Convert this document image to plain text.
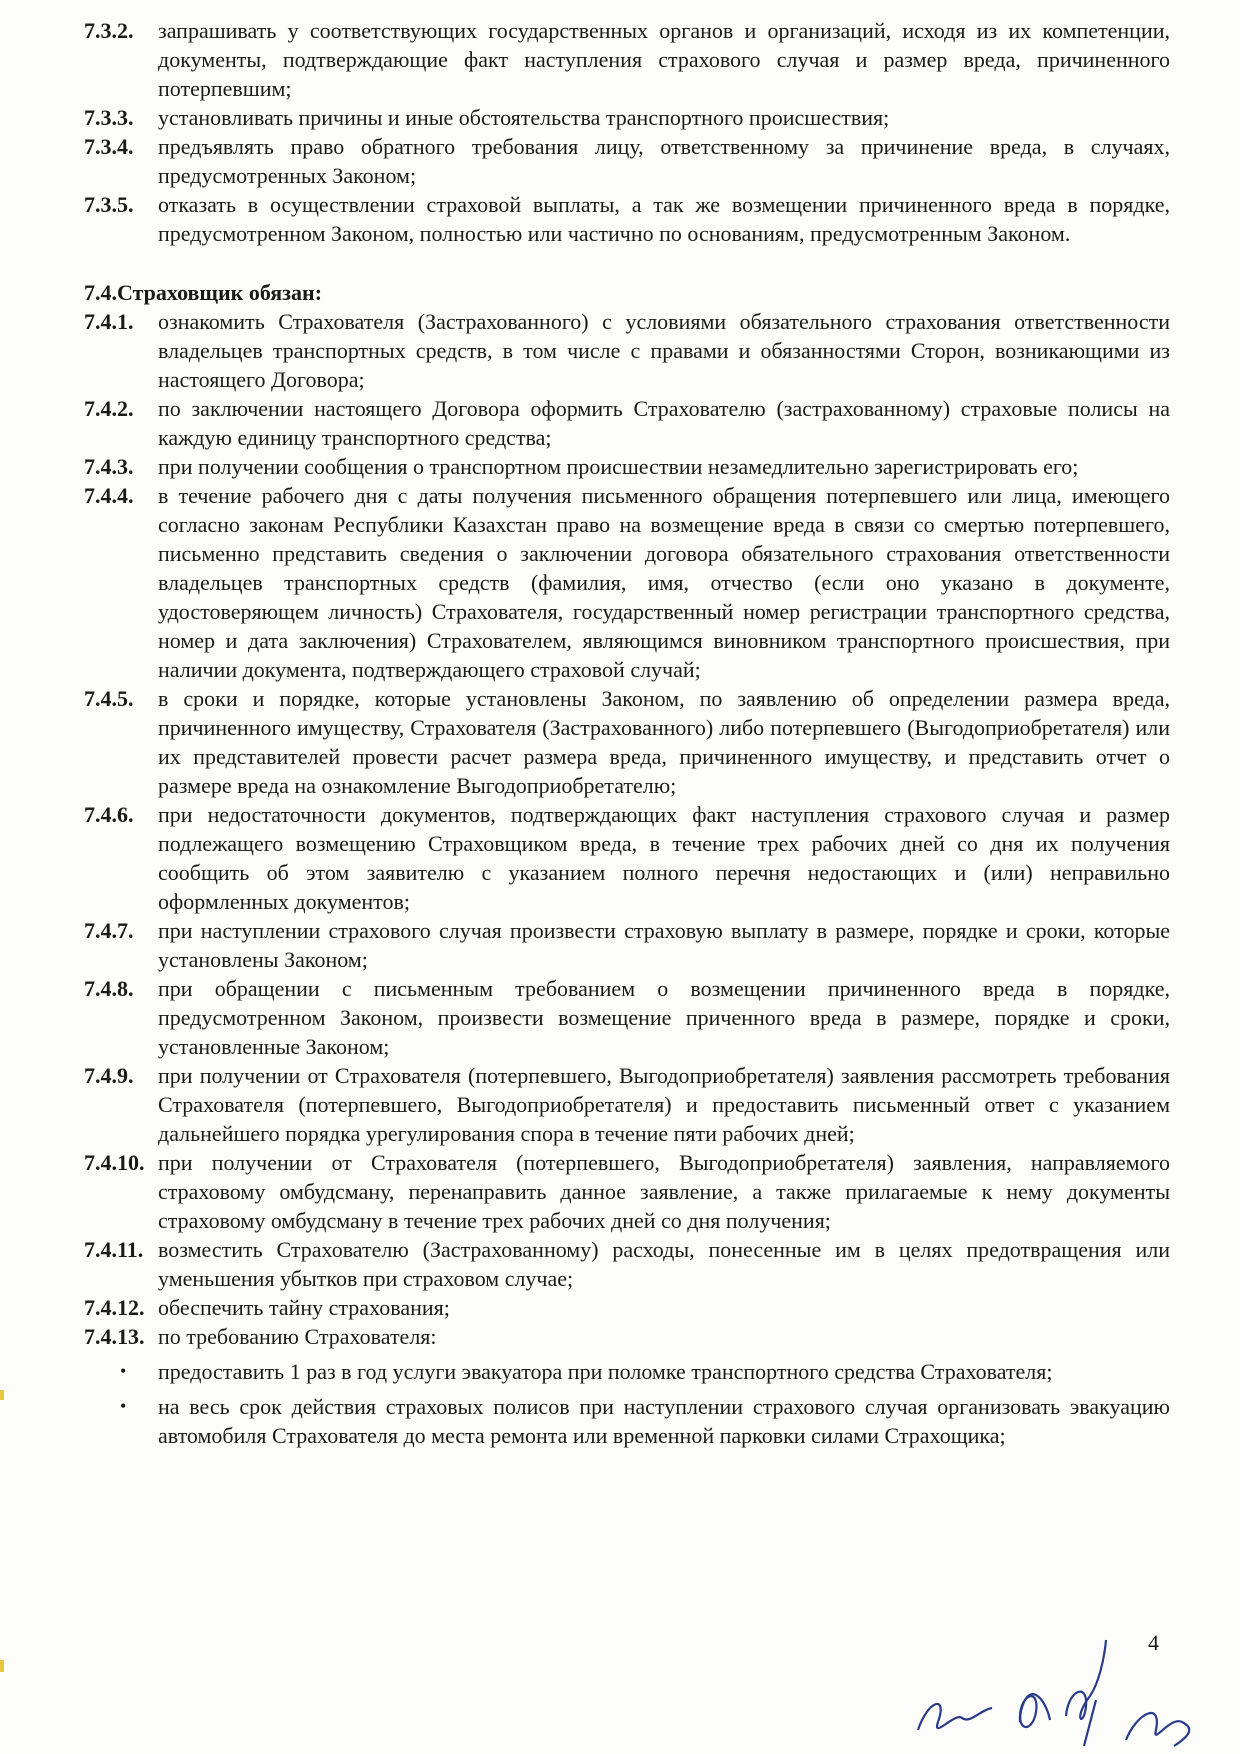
7.3.2.	запрашивать у соответствующих государственных органов и организаций, исходя из их компетенции, документы, подтверждающие факт наступления страхового случая и размер вреда, причиненного потерпевшим;
7.3.3.	установливать причины и иные обстоятельства транспортного происшествия;
7.3.4.	предъявлять право обратного требования лицу, ответственному за причинение вреда, в случаях, предусмотренных Законом;
7.3.5.	отказать в осуществлении страховой выплаты, а так же возмещении причиненного вреда в порядке, предусмотренном Законом, полностью или частично по основаниям, предусмотренным Законом.
7.4.Страховщик обязан:
7.4.1.	ознакомить Страхователя (Застрахованного) с условиями обязательного страхования ответственности владельцев транспортных средств, в том числе с правами и обязанностями Сторон, возникающими из настоящего Договора;
7.4.2.	по заключении настоящего Договора оформить Страхователю (застрахованному) страховые полисы на каждую единицу транспортного средства;
7.4.3.	при получении сообщения о транспортном происшествии незамедлительно зарегистрировать его;
7.4.4.	в течение рабочего дня с даты получения письменного обращения потерпевшего или лица, имеющего согласно законам Республики Казахстан право на возмещение вреда в связи со смертью потерпевшего, письменно представить сведения о заключении договора обязательного страхования ответственности владельцев транспортных средств (фамилия, имя, отчество (если оно указано в документе, удостоверяющем личность) Страхователя, государственный номер регистрации транспортного средства, номер и дата заключения) Страхователем, являющимся виновником транспортного происшествия, при наличии документа, подтверждающего страховой случай;
7.4.5.	в сроки и порядке, которые установлены Законом, по заявлению об определении размера вреда, причиненного имуществу, Страхователя (Застрахованного) либо потерпевшего (Выгодоприобретателя) или их представителей провести расчет размера вреда, причиненного имуществу, и представить отчет о размере вреда на ознакомление Выгодоприобретателю;
7.4.6.	при недостаточности документов, подтверждающих факт наступления страхового случая и размер подлежащего возмещению Страховщиком вреда, в течение трех рабочих дней со дня их получения сообщить об этом заявителю с указанием полного перечня недостающих и (или) неправильно оформленных документов;
7.4.7.	при наступлении страхового случая произвести страховую выплату в размере, порядке и сроки, которые установлены Законом;
7.4.8.	при обращении с письменным требованием о возмещении причиненного вреда в порядке, предусмотренном Законом, произвести возмещение приченного вреда в размере, порядке и сроки, установленные Законом;
7.4.9.	при получении от Страхователя (потерпевшего, Выгодоприобретателя) заявления рассмотреть требования Страхователя (потерпевшего, Выгодоприобретателя) и предоставить письменный ответ с указанием дальнейшего порядка урегулирования спора в течение пяти рабочих дней;
7.4.10. при получении от Страхователя (потерпевшего, Выгодоприобретателя) заявления, направляемого страховому омбудсману, перенаправить данное заявление, а также прилагаемые к нему документы страховому омбудсману в течение трех рабочих дней со дня получения;
7.4.11. возместить Страхователю (Застрахованному) расходы, понесенные им в целях предотвращения или уменьшения убытков при страховом случае;
7.4.12. обеспечить тайну страхования;
7.4.13. по требованию Страхователя:
•	предоставить 1 раз в год услуги эвакуатора при поломке транспортного средства Страхователя;
•	на весь срок действия страховых полисов при наступлении страхового случая организовать эвакуацию автомобиля Страхователя до места ремонта или временной парковки силами Страхощика;
4
